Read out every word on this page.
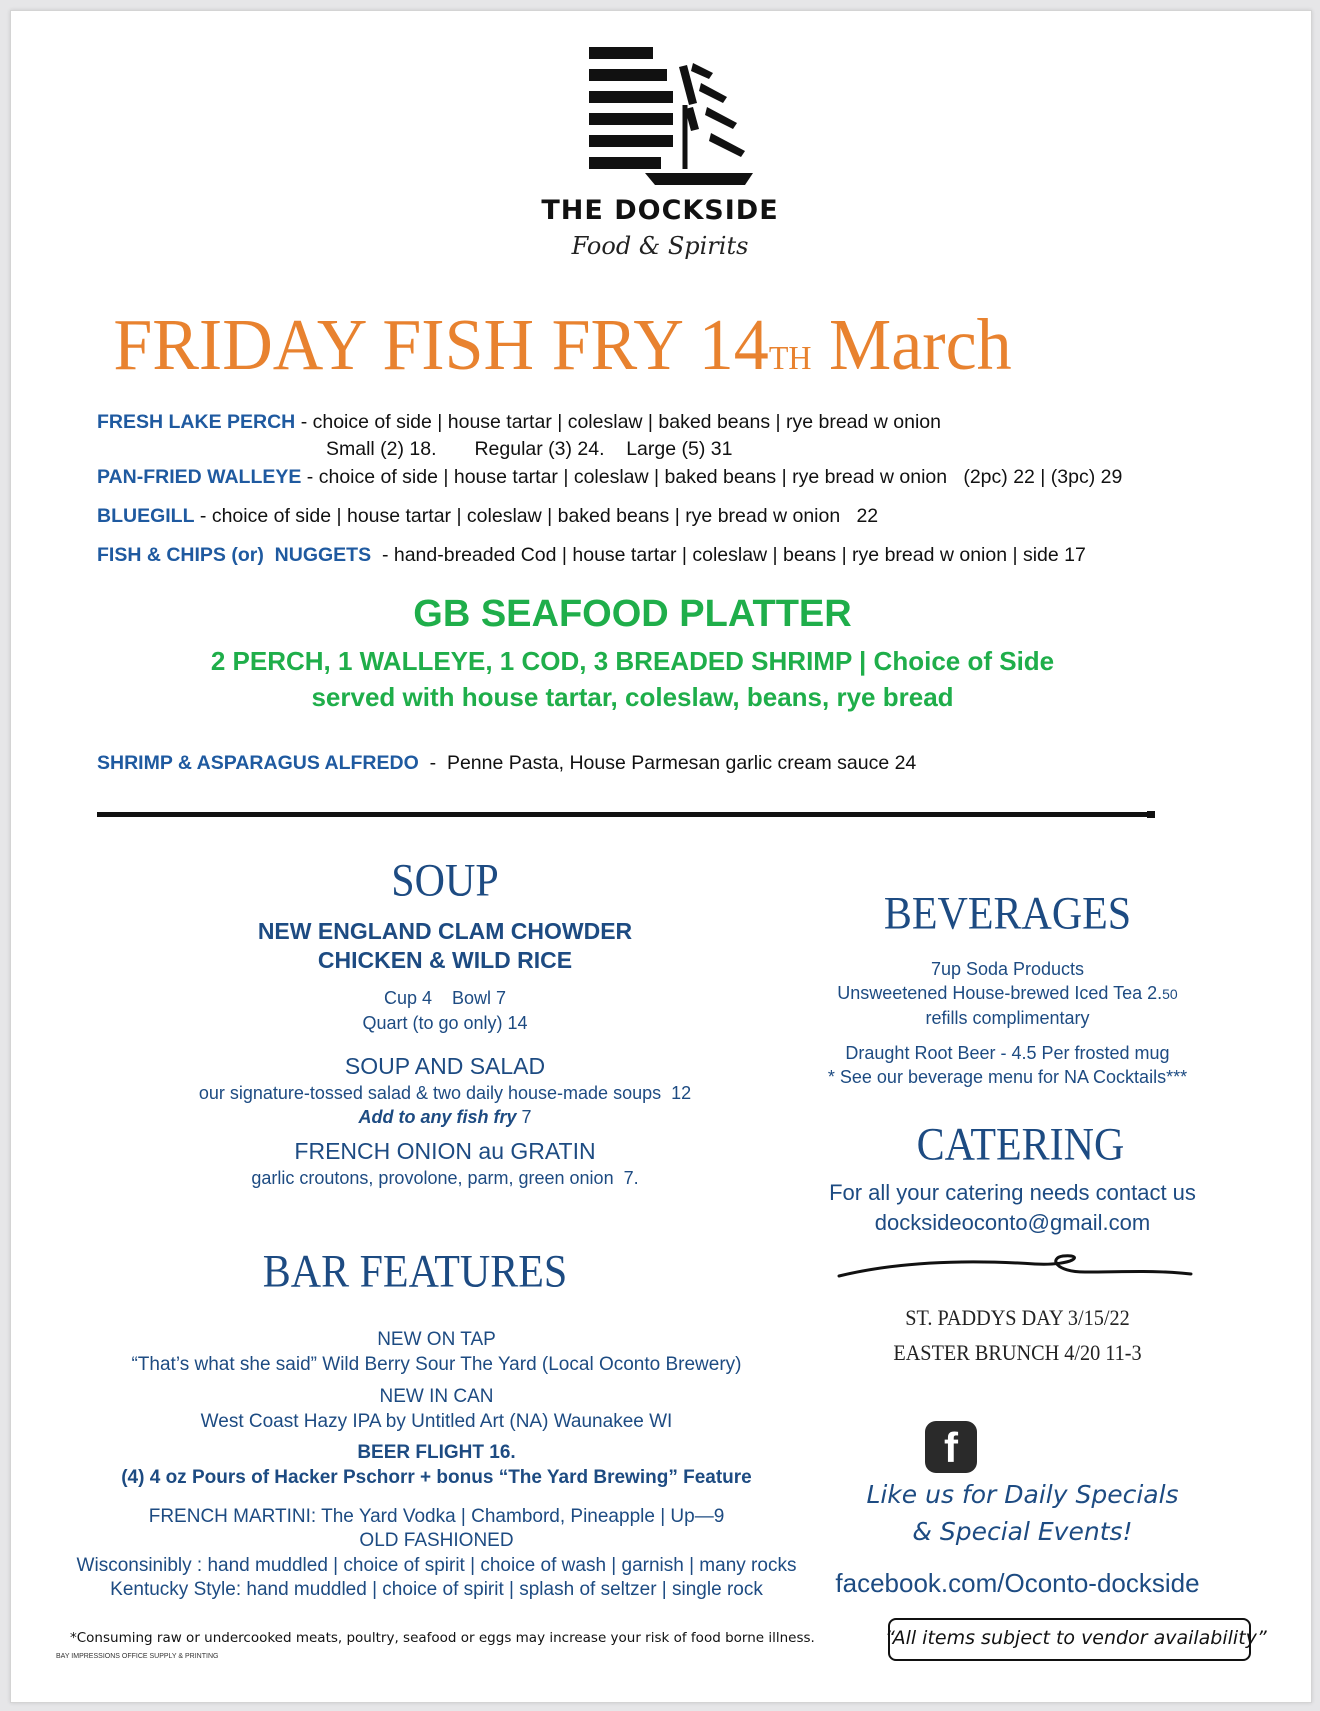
THE DOCKSIDE
Food & Spirits
FRIDAY FISH FRY 14TH March
FRESH LAKE PERCH - choice of side | house tartar | coleslaw | baked beans | rye bread w onion
Small (2) 18.       Regular (3) 24.    Large (5) 31
PAN-FRIED WALLEYE - choice of side | house tartar | coleslaw | baked beans | rye bread w onion   (2pc) 22 | (3pc) 29
BLUEGILL - choice of side | house tartar | coleslaw | baked beans | rye bread w onion   22
FISH & CHIPS (or)  NUGGETS  - hand-breaded Cod | house tartar | coleslaw | beans | rye bread w onion | side 17
GB SEAFOOD PLATTER
2 PERCH, 1 WALLEYE, 1 COD, 3 BREADED SHRIMP | Choice of Side
served with house tartar, coleslaw, beans, rye bread
SHRIMP & ASPARAGUS ALFREDO  -  Penne Pasta, House Parmesan garlic cream sauce 24
SOUP
NEW ENGLAND CLAM CHOWDER
CHICKEN & WILD RICE
Cup 4    Bowl 7
Quart (to go only) 14
SOUP AND SALAD
our signature-tossed salad & two daily house-made soups  12
Add to any fish fry 7
FRENCH ONION au GRATIN
garlic croutons, provolone, parm, green onion  7.
BAR FEATURES
NEW ON TAP
“That’s what she said” Wild Berry Sour The Yard (Local Oconto Brewery)
NEW IN CAN
West Coast Hazy IPA by Untitled Art (NA) Waunakee WI
BEER FLIGHT 16.
(4) 4 oz Pours of Hacker Pschorr + bonus “The Yard Brewing” Feature
FRENCH MARTINI: The Yard Vodka | Chambord, Pineapple | Up—9
OLD FASHIONED
Wisconsinibly : hand muddled | choice of spirit | choice of wash | garnish | many rocks
Kentucky Style: hand muddled | choice of spirit | splash of seltzer | single rock
BEVERAGES
7up Soda Products
Unsweetened House-brewed Iced Tea 2.50
refills complimentary
Draught Root Beer - 4.5 Per frosted mug
* See our beverage menu for NA Cocktails***
CATERING
For all your catering needs contact us
docksideoconto@gmail.com
ST. PADDYS DAY 3/15/22
EASTER BRUNCH 4/20 11-3
f
Like us for Daily Specials
& Special Events!
facebook.com/Oconto-dockside
*Consuming raw or undercooked meats, poultry, seafood or eggs may increase your risk of food borne illness.
BAY IMPRESSIONS OFFICE SUPPLY & PRINTING
“All items subject to vendor availability”
